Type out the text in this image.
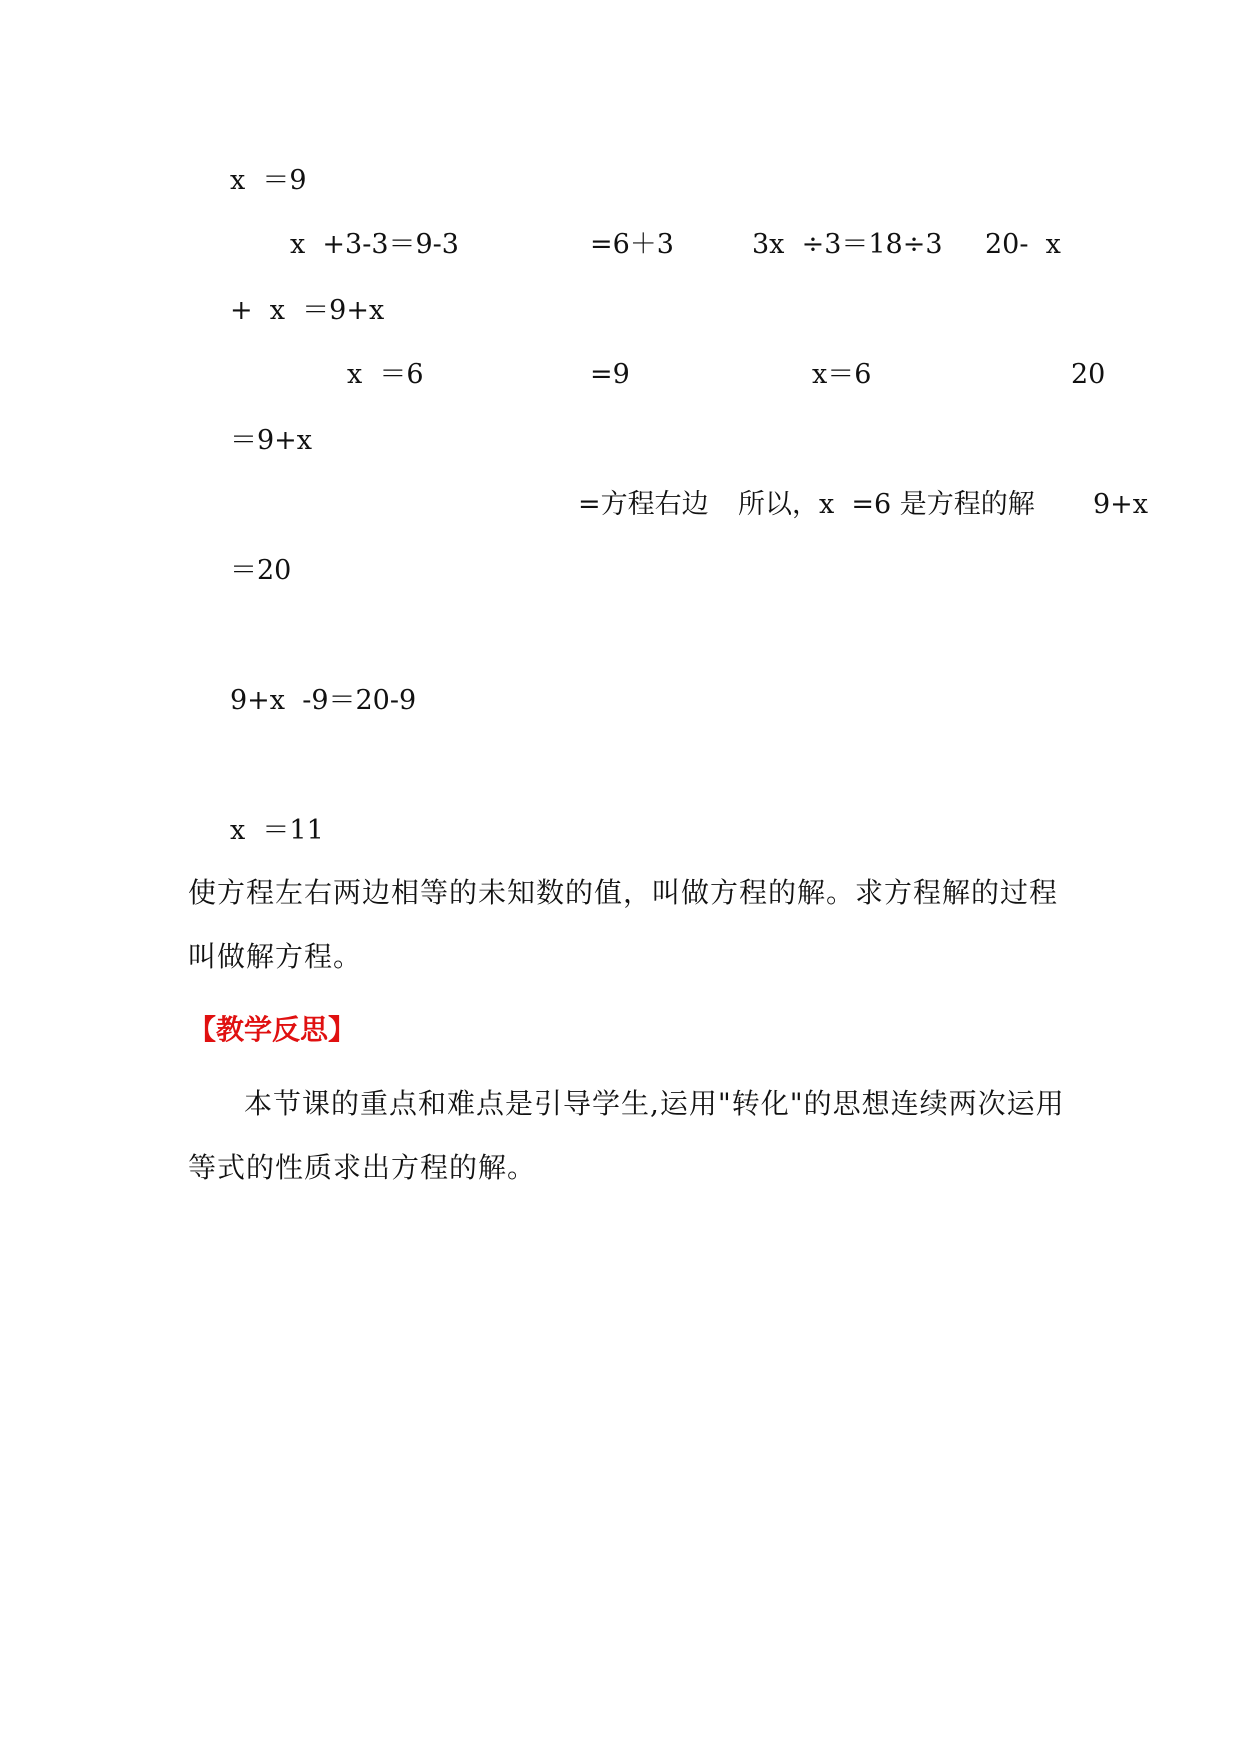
x  ＝9
x  +3-3＝9-3	=6＋3	3x  ÷3＝18÷3 20-  x
+  x  ＝9+x
x  ＝6	=9	x＝6	20
＝9+x
=方程右边 所以，x  =6 是方程的解 9+x
＝20
9+x  -9＝20-9
x  ＝11
使方程左右两边相等的未知数的值，叫做方程的解。求方程解的过程
叫做解方程。
【教学反思】
本节课的重点和难点是引导学生,运用"转化"的思想连续两次运用
等式的性质求出方程的解。
